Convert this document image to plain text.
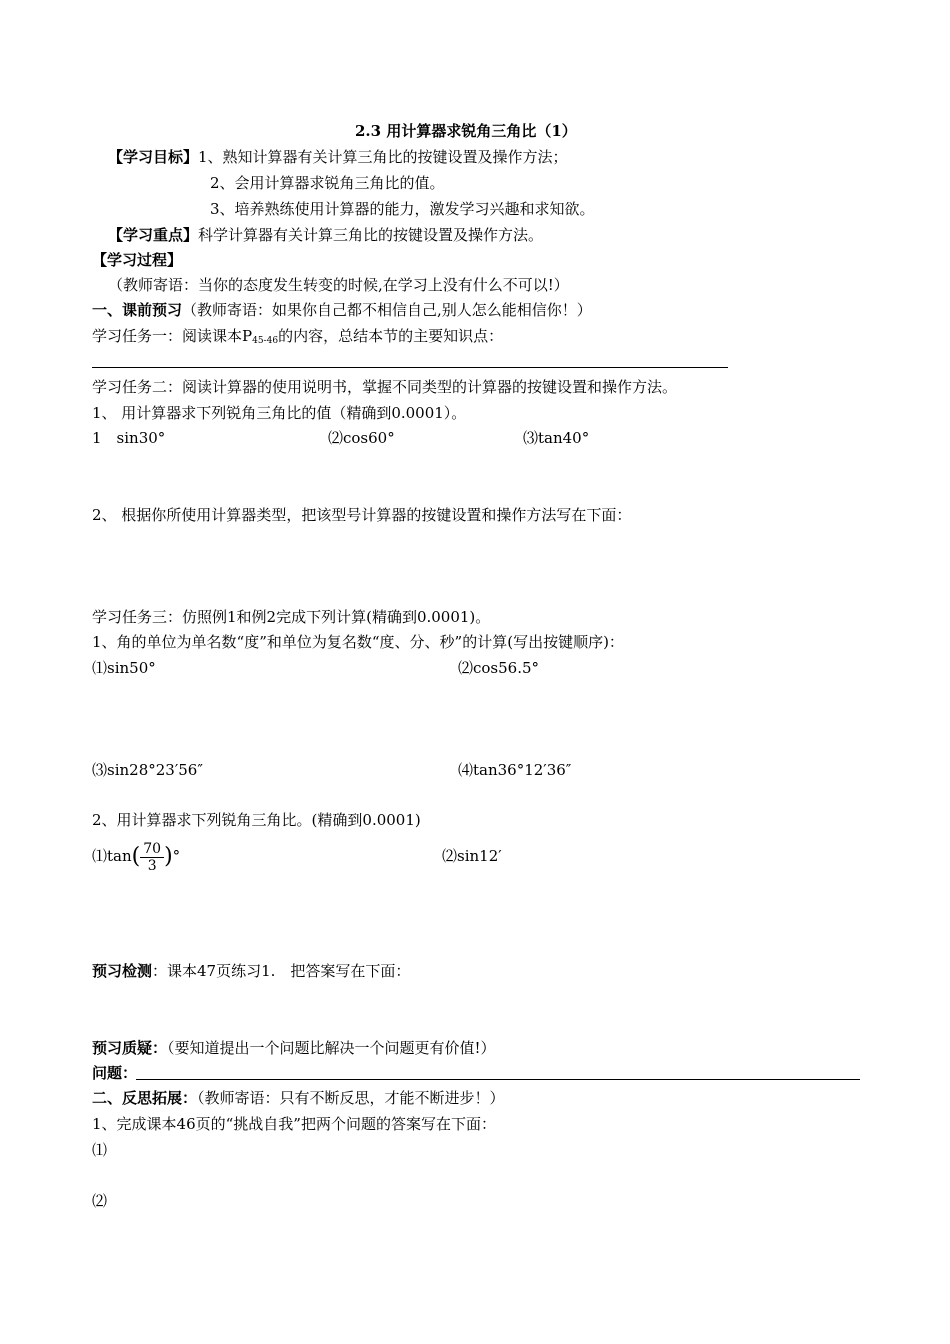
2.3 用计算器求锐角三角比（1）
【学习目标】1、熟知计算器有关计算三角比的按键设置及操作方法；
2、会用计算器求锐角三角比的值。
3、培养熟练使用计算器的能力，激发学习兴趣和求知欲。
【学习重点】科学计算器有关计算三角比的按键设置及操作方法。
【学习过程】
（教师寄语：当你的态度发生转变的时候,在学习上没有什么不可以!）
一、课前预习（教师寄语：如果你自己都不相信自己,别人怎么能相信你！）
学习任务一：阅读课本$P_{45-46}$的内容，总结本节的主要知识点：
学习任务二：阅读计算器的使用说明书，掌握不同类型的计算器的按键设置和操作方法。
1、 用计算器求下列锐角三角比的值（精确到0.0001）。
1　sin30°	⑵cos60°	⑶tan40°
2、 根据你所使用计算器类型，把该型号计算器的按键设置和操作方法写在下面：
学习任务三：仿照例1和例2完成下列计算(精确到0.0001)。
1、角的单位为单名数“度”和单位为复名数“度、分、秒”的计算(写出按键顺序)：
⑴sin50°	⑵cos56.5°
⑶sin28°23′56″	⑷tan36°12′36″
2、用计算器求下列锐角三角比。(精确到0.0001)
⑴tan( $\frac{70}{3}$ )°	⑵sin12′
预习检测：课本47页练习1.　把答案写在下面：
预习质疑：（要知道提出一个问题比解决一个问题更有价值!）
问题：
二、反思拓展：（教师寄语：只有不断反思，才能不断进步！）
1、完成课本46页的“挑战自我”把两个问题的答案写在下面：
⑴
⑵
